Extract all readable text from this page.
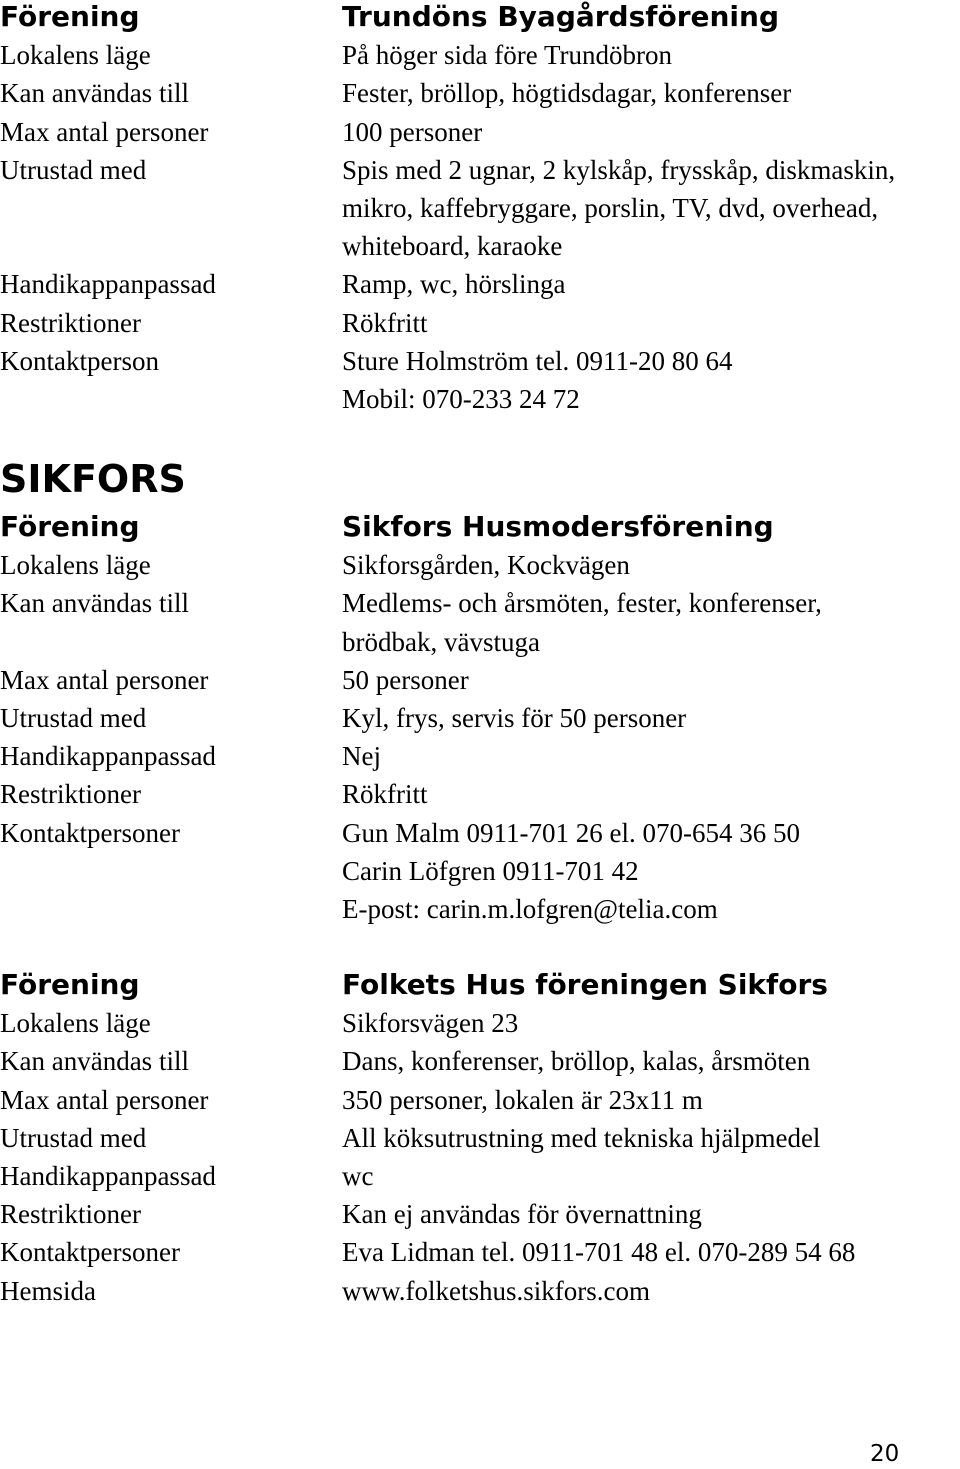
Förening	Trundöns Byagårdsförening
Lokalens läge	På höger sida före Trundöbron
Kan användas till	Fester, bröllop, högtidsdagar, konferenser
Max antal personer	100 personer
Utrustad med	Spis med 2 ugnar, 2 kylskåp, frysskåp, diskmaskin,
mikro, kaffebryggare, porslin, TV, dvd, overhead,
whiteboard, karaoke
Handikappanpassad	Ramp, wc, hörslinga
Restriktioner	Rökfritt
Kontaktperson	Sture Holmström tel. 0911-20 80 64
Mobil: 070-233 24 72
SIKFORS
Förening	Sikfors Husmodersförening
Lokalens läge	Sikforsgården, Kockvägen
Kan användas till	Medlems- och årsmöten, fester, konferenser,
brödbak, vävstuga
Max antal personer	50 personer
Utrustad med	Kyl, frys, servis för 50 personer
Handikappanpassad	Nej
Restriktioner	Rökfritt
Kontaktpersoner	Gun Malm 0911-701 26 el. 070-654 36 50
Carin Löfgren 0911-701 42
E-post: carin.m.lofgren@telia.com
Förening	Folkets Hus föreningen Sikfors
Lokalens läge	Sikforsvägen 23
Kan användas till	Dans, konferenser, bröllop, kalas, årsmöten
Max antal personer	350 personer, lokalen är 23x11 m
Utrustad med	All köksutrustning med tekniska hjälpmedel
Handikappanpassad	wc
Restriktioner	Kan ej användas för övernattning
Kontaktpersoner	Eva Lidman tel. 0911-701 48 el. 070-289 54 68
Hemsida	www.folketshus.sikfors.com
20
